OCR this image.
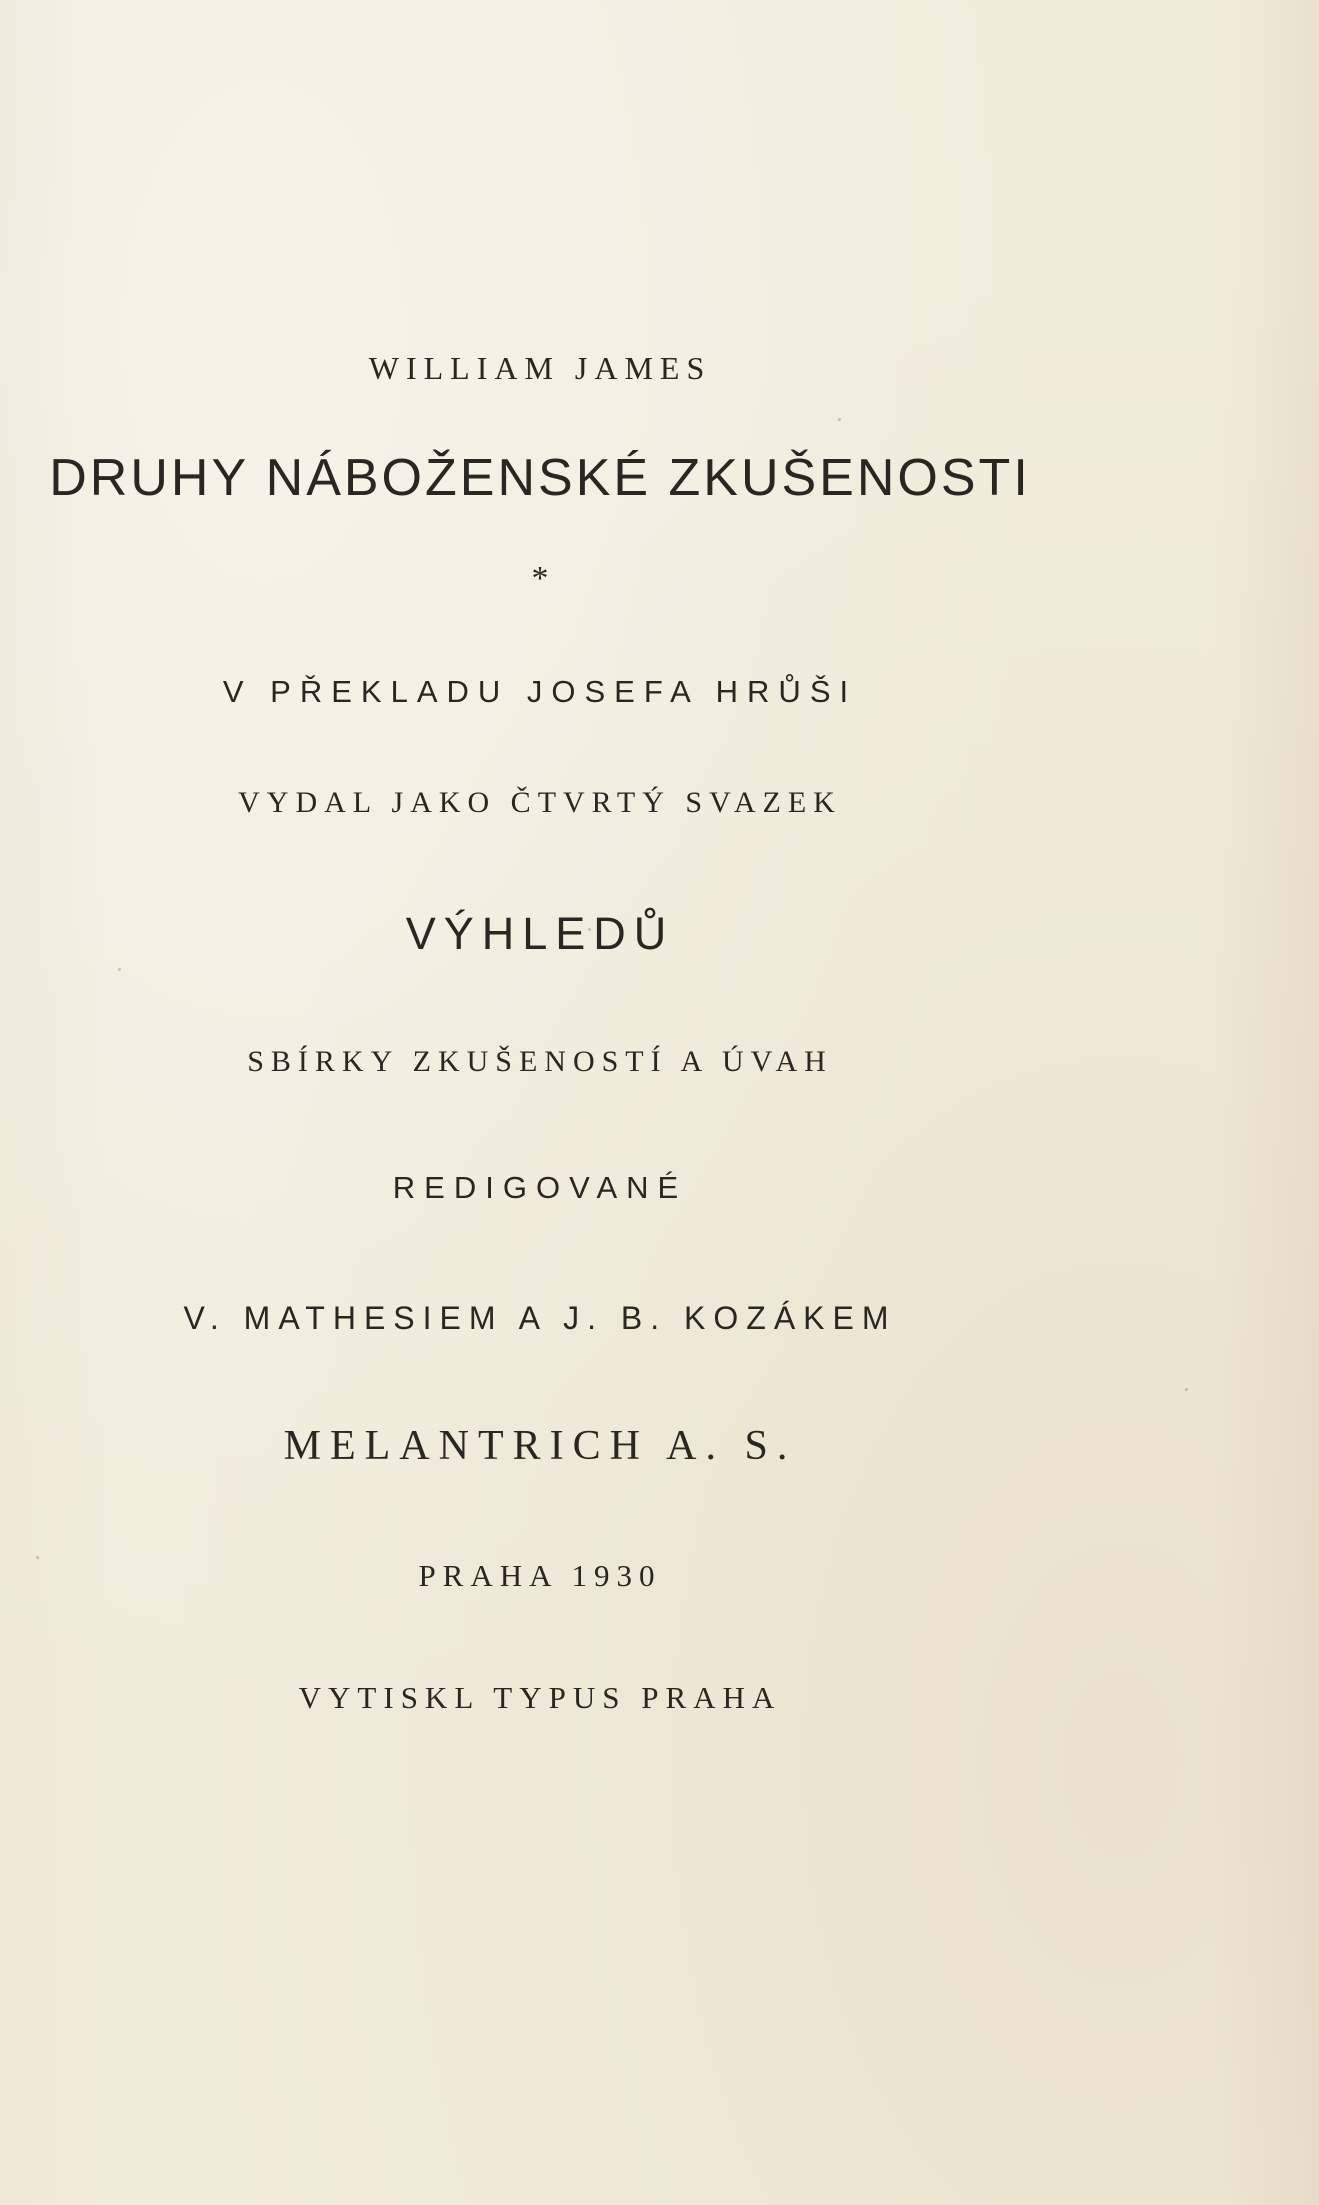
WILLIAM JAMES
DRUHY NÁBOŽENSKÉ ZKUŠENOSTI
*
V PŘEKLADU JOSEFA HRŮŠI
VYDAL JAKO ČTVRTÝ SVAZEK
VÝHLEDŮ
SBÍRKY ZKUŠENOSTÍ A ÚVAH
REDIGOVANÉ
V. MATHESIEM A J. B. KOZÁKEM
MELANTRICH A. S.
PRAHA 1930
VYTISKL TYPUS PRAHA
